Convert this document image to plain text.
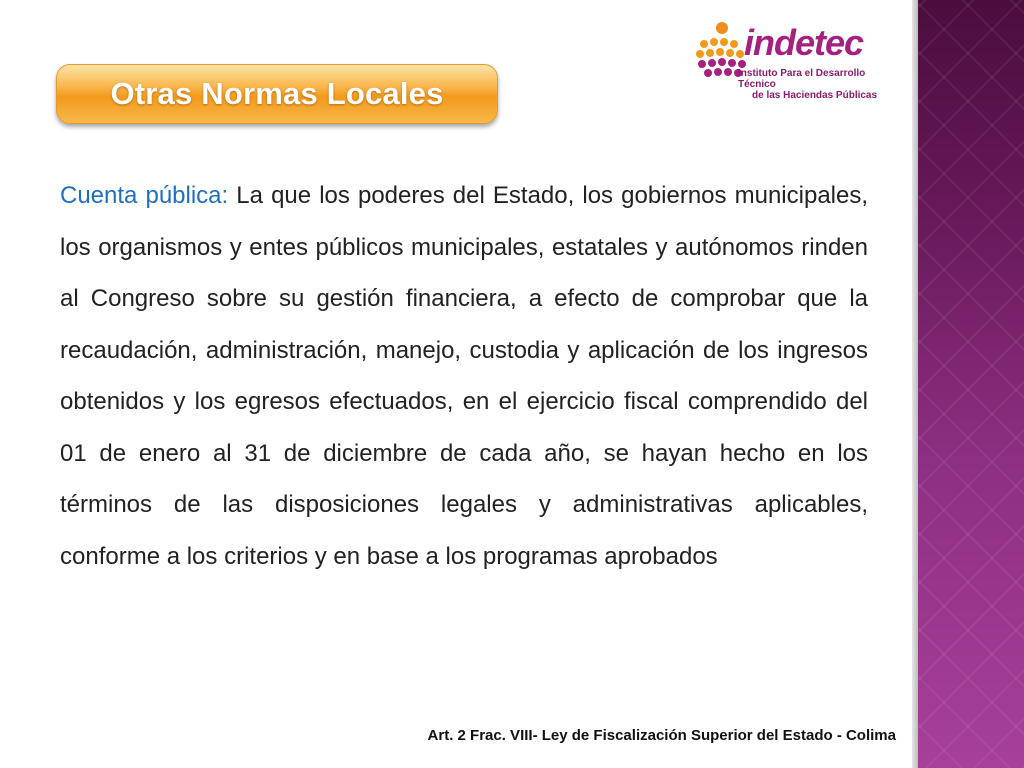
indetec
Instituto Para el Desarrollo Técnico
de las Haciendas Públicas
Otras Normas Locales

Cuenta pública: La que los poderes del Estado, los gobiernos municipales, los organismos y entes públicos municipales, estatales y autónomos rinden al Congreso sobre su gestión financiera, a efecto de comprobar que la recaudación, administración, manejo, custodia y aplicación de los ingresos obtenidos y los egresos efectuados, en el ejercicio fiscal comprendido del 01 de enero al 31 de diciembre de cada año, se hayan hecho en los términos de las disposiciones legales y administrativas aplicables, conforme a los criterios y en base a los programas aprobados

Art. 2 Frac. VIII- Ley de Fiscalización Superior del Estado - Colima
